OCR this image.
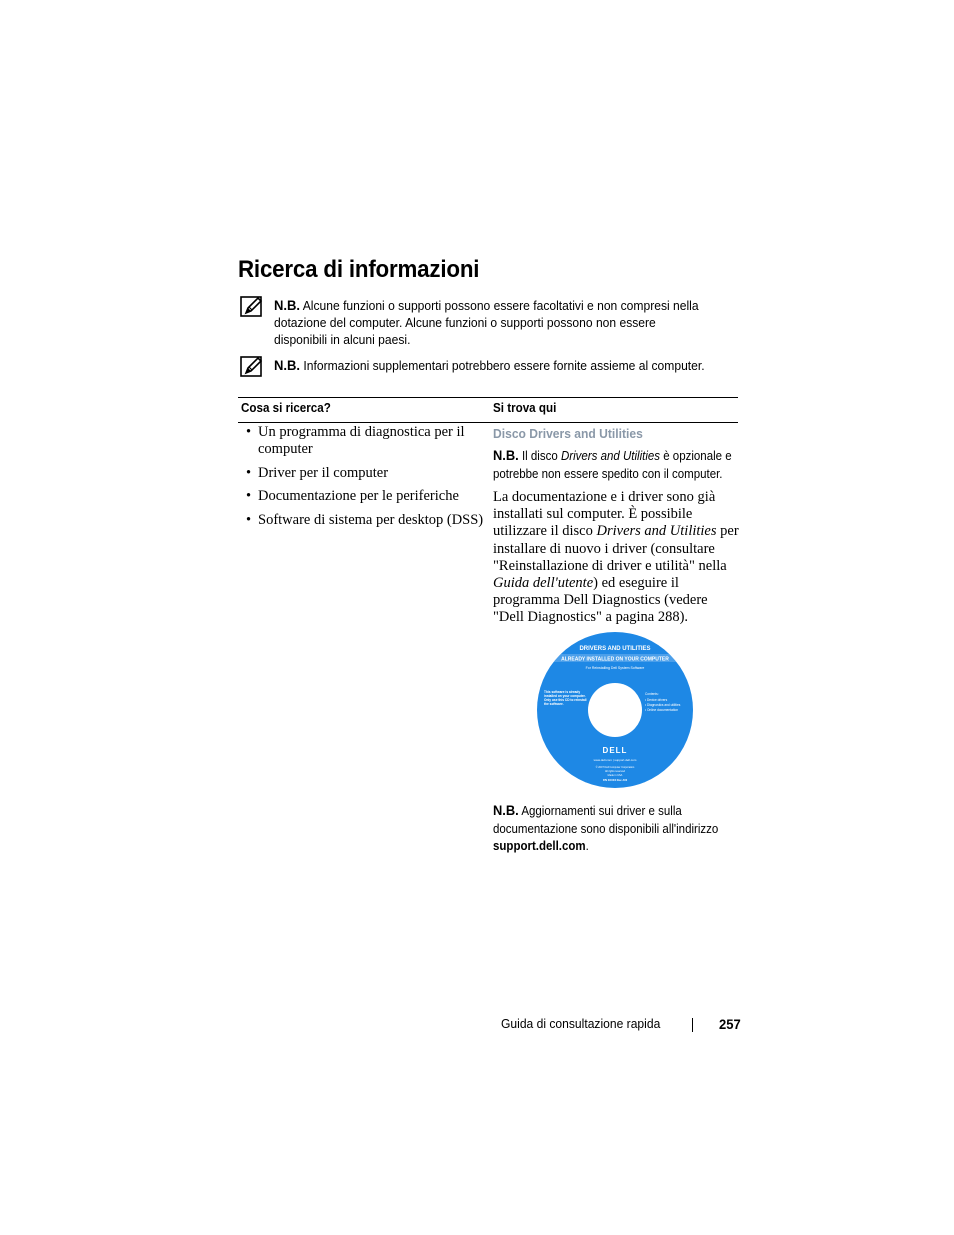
Ricerca di informazioni
N.B. Alcune funzioni o supporti possono essere facoltativi e non compresi nella dotazione del computer. Alcune funzioni o supporti possono non essere disponibili in alcuni paesi.
N.B. Informazioni supplementari potrebbero essere fornite assieme al computer.
Cosa si ricerca?	Si trova qui
• Un programma di diagnostica per il computer
• Driver per il computer
• Documentazione per le periferiche
• Software di sistema per desktop (DSS)
Disco Drivers and Utilities
N.B. Il disco Drivers and Utilities è opzionale e potrebbe non essere spedito con il computer.
La documentazione e i driver sono già installati sul computer. È possibile utilizzare il disco Drivers and Utilities per installare di nuovo i driver (consultare "Reinstallazione di driver e utilità" nella Guida dell'utente) ed eseguire il programma Dell Diagnostics (vedere "Dell Diagnostics" a pagina 288).
DRIVERS AND UTILITIES
ALREADY INSTALLED ON YOUR COMPUTER
For Reinstalling Dell System Software
This software is already
installed on your computer.
Only use this CD to reinstall
the software.
Contents:
• Device drivers
• Diagnostics and utilities
• Online documentation
DELL
www.dell.com | support.dell.com
© 2007 Dell Computer Corporation
All rights reserved
Made in USA
P/N XXXXX Rev. A00
N.B. Aggiornamenti sui driver e sulla documentazione sono disponibili all'indirizzo support.dell.com.
Guida di consultazione rapida	257
